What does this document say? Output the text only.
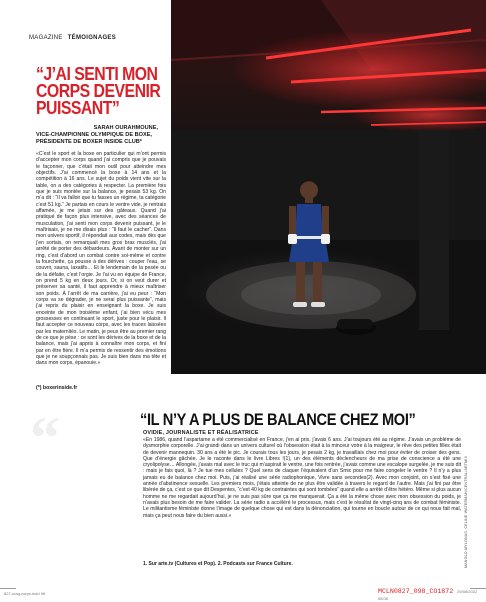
MAGAZINE TÉMOIGNAGES
“J’AI SENTI MON
CORPS DEVENIR
PUISSANT”
SARAH OURAHMOUNE,
VICE-CHAMPIONNE OLYMPIQUE DE BOXE,
PRÉSIDENTE DE BOXER INSIDE CLUB*

«C’est le sport et la boxe en particulier qui m’ont permis d’accepter mon corps quand j’ai compris que je pouvais le façonner, que c’était mon outil pour atteindre mes objectifs. J’ai commencé la boxe à 14 ans et la compétition à 16 ans. Le sujet du poids vient vite sur la table, on a des catégories à respecter. La première fois que je suis montée sur la balance, je pesais 53 kg. On m’a dit : “Il va falloir que tu fasses un régime, ta catégorie c’est 51 kg.” Je partais en cours le ventre vide, je rentrais affamée, je me jetais sur des gâteaux. Quand j’ai pratiqué de façon plus intensive, avec des séances de musculation, j’ai senti mon corps devenir puissant, je le maîtrisais, je ne me disais plus : “Il faut le cacher”. Dans mon univers sportif, il répondait aux codes, mais dès que j’en sortais, on remarquait mes gros bras musclés, j’ai arrêté de porter des débardeurs. Avant de monter sur un ring, c’est d’abord un combat contre soi-même et contre la fourchette, ça pousse à des dérives : couper l’eau, se couvrir, sauna, laxatifs… Et le lendemain de la pesée ou de la défaite, c’est l’orgie. Je l’ai vu en équipe de France, on prend 5 kg en deux jours. Or, si on veut durer et préserver sa santé, il faut apprendre à mieux maîtriser son poids. À l’arrêt de ma carrière, j’ai eu peur : “Mon corps va se dégrader, je ne serai plus puissante”, mais j’ai repris du plaisir en enseignant la boxe. Je suis enceinte de mon troisième enfant, j’ai bien vécu mes grossesses en continuant le sport, juste pour le plaisir. Il faut accepter ce nouveau corps, avec les traces laissées par les maternités. Le matin, je peux être au premier rang de ce que je pèse : ce sont les dérives de la boxe et de la balance, mais j’ai appris à connaître mon corps, et fini par en être fière. Il m’a permis de ressentir des émotions que je ne soupçonnais pas. Je suis bien dans ma tête et dans mon corps, épanouie.»

(*) boxerinside.fr
“	“IL N’Y A PLUS DE BALANCE CHEZ MOI”
OVIDIE, JOURNALISTE ET RÉALISATRICE

«En 1986, quand l’aspartame a été commercialisé en France, j’en ai pris, j’avais 6 ans. J’ai toujours été au régime. J’avais un problème de dysmorphie corporelle. J’ai grandi dans un univers culturel où l’obsession était à la minceur votre à la maigreur, le rêve des petites filles était de devenir mannequin. 30 ans a été le pic. Je courais tous les jours, je pesais 2 kg, je travaillais chez moi pour éviter de croiser des gens. Que d’énergie gâchée. Je le raconte dans le livre Libres !(1), un des éléments déclencheurs de ma prise de conscience a été une cryolipolyse… Allongée, j’avais mal avec le truc qui m’aspirait le ventre, une fois rentrée, j’avais comme une escalope surgelée, je me suis dit : mais je fais quoi, là ? Je tue mes cellules ? Quel sens de claquer l’équivalent d’un Smic pour me faire congeler le ventre ? Il n’y a plus jamais eu de balance chez moi. Puis, j’ai réalisé une série radiophonique, Vivre sans secondes(2). Avec mon conjoint, on s’est fixé une année d’abstinence sexuelle. Les premiers mois, j’étais atteinte de ne plus être validée à travers le regard de l’autre. Mais j’ai fini par être libérée de ça, c’est ce que dit Despentes, “c’est 40 kg de contraintes qui sont tombées” quand elle a arrêté d’être hétéro. Même si plus aucun homme ne me regardait aujourd’hui, je ne suis pas sûre que ça me manquerait. Ça a été la même chose avec mon obsession du poids, je n’avais plus besoin de me faire valider. La série radio a accéléré le processus, mais c’est le résultat de vingt-cinq ans de combat féministe. Le militantisme féministe donne l’image de quelque chose qui est dans la dénonciation, qui tourne en boucle autour de ce qui nous fait mal, mais ça peut nous faire du bien aussi.»

1. Sur arte.tv (Cultures et Pop). 2. Podcasts sur France Culture.	MANOLO MYLONAS. CELINE WATERMAN/CENTRAL/ARTMIX
827-mag-corps.indd 98	MCLN0827_098_CO1872 29/08/2022 08:06
